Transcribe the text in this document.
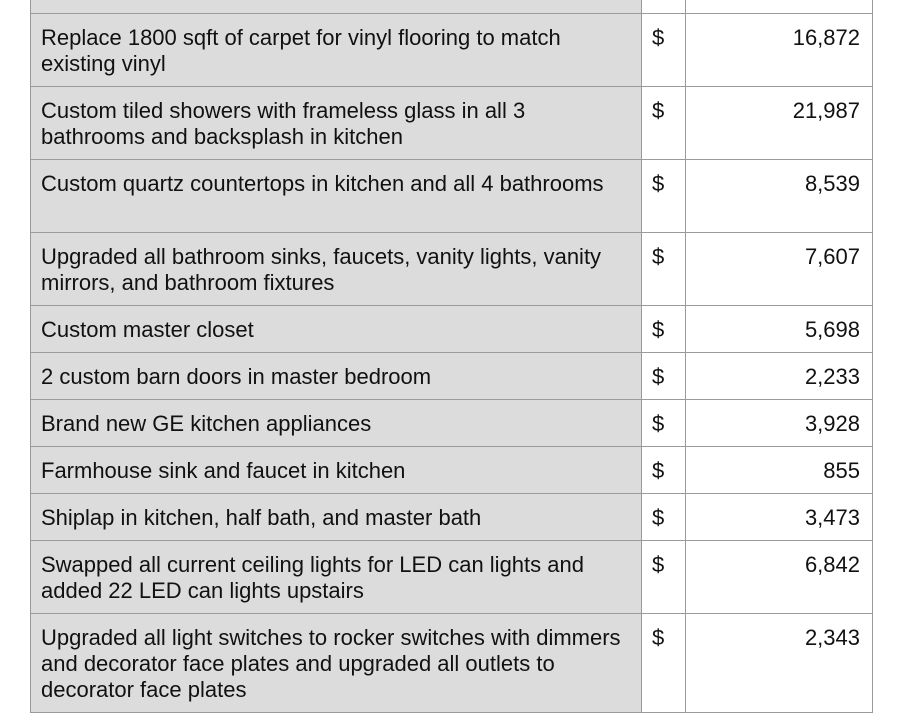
Replace 1800 sqft of carpet for vinyl flooring to match existing vinyl	$	16,872
Custom tiled showers with frameless glass in all 3 bathrooms and backsplash in kitchen	$	21,987
Custom quartz countertops in kitchen and all 4 bathrooms	$	8,539
Upgraded all bathroom sinks, faucets, vanity lights, vanity mirrors, and bathroom fixtures	$	7,607
Custom master closet	$	5,698
2 custom barn doors in master bedroom	$	2,233
Brand new GE kitchen appliances	$	3,928
Farmhouse sink and faucet in kitchen	$	855
Shiplap in kitchen, half bath, and master bath	$	3,473
Swapped all current ceiling lights for LED can lights and added 22 LED can lights upstairs	$	6,842
Upgraded all light switches to rocker switches with dimmers and decorator face plates and upgraded all outlets to decorator face plates	$	2,343
